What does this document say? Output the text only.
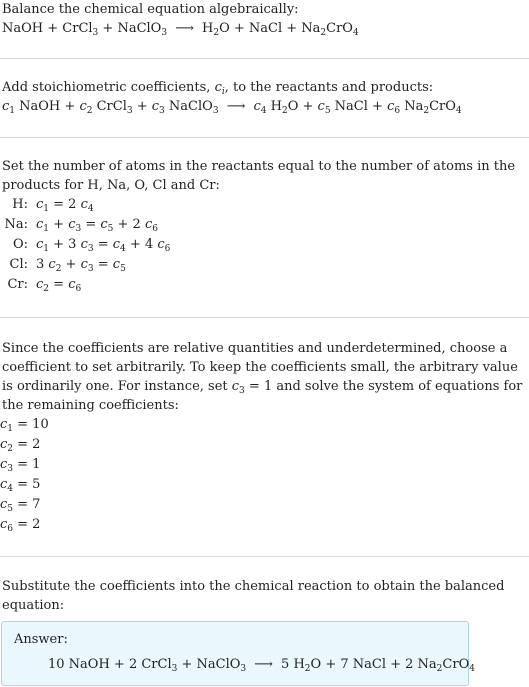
Balance the chemical equation algebraically:

NaOH + CrCl$_3$ + NaClO$_3$ ⟶ $H_2O$ + NaCl + $Na_2CrO_4$

Add stoichiometric coefficients, $c_i$, to the reactants and products:

$c_1$ NaOH + $c_2$ CrCl$_3$ + $c_3$ NaClO$_3$ ⟶ $c_4$ $H_2O + c_5$ NaCl + $c_6$ $Na_2CrO_4$

Set the number of atoms in the reactants equal to the number of atoms in the products for H, Na, O, Cl and Cr:

H:	$c_1 = 2$ $c_4$
Na:	$c_1 + c_3 = c_5 + 2$ $c_6$
O:	$c_1 + 3$ $c_3 = c_4 + 4$ $c_6$
Cl:	3 $c_2 + c_3 = c_5$
Cr:	$c_2 = c_6$

Since the coefficients are relative quantities and underdetermined, choose a coefficient to set arbitrarily. To keep the coefficients small, the arbitrary value is ordinarily one. For instance, set $c_3 = 1$ and solve the system of equations for the remaining coefficients:

$c_1 = 10$
$c_2 = 2$
$c_3 = 1$
$c_4 = 5$
$c_5 = 7$
$c_6 = 2$

Substitute the coefficients into the chemical reaction to obtain the balanced equation:

Answer:
10 NaOH + 2 CrCl$_3$ + NaClO$_3$ ⟶ 5 $H_2O + 7$ NaCl + 2 $Na_2CrO_4$
